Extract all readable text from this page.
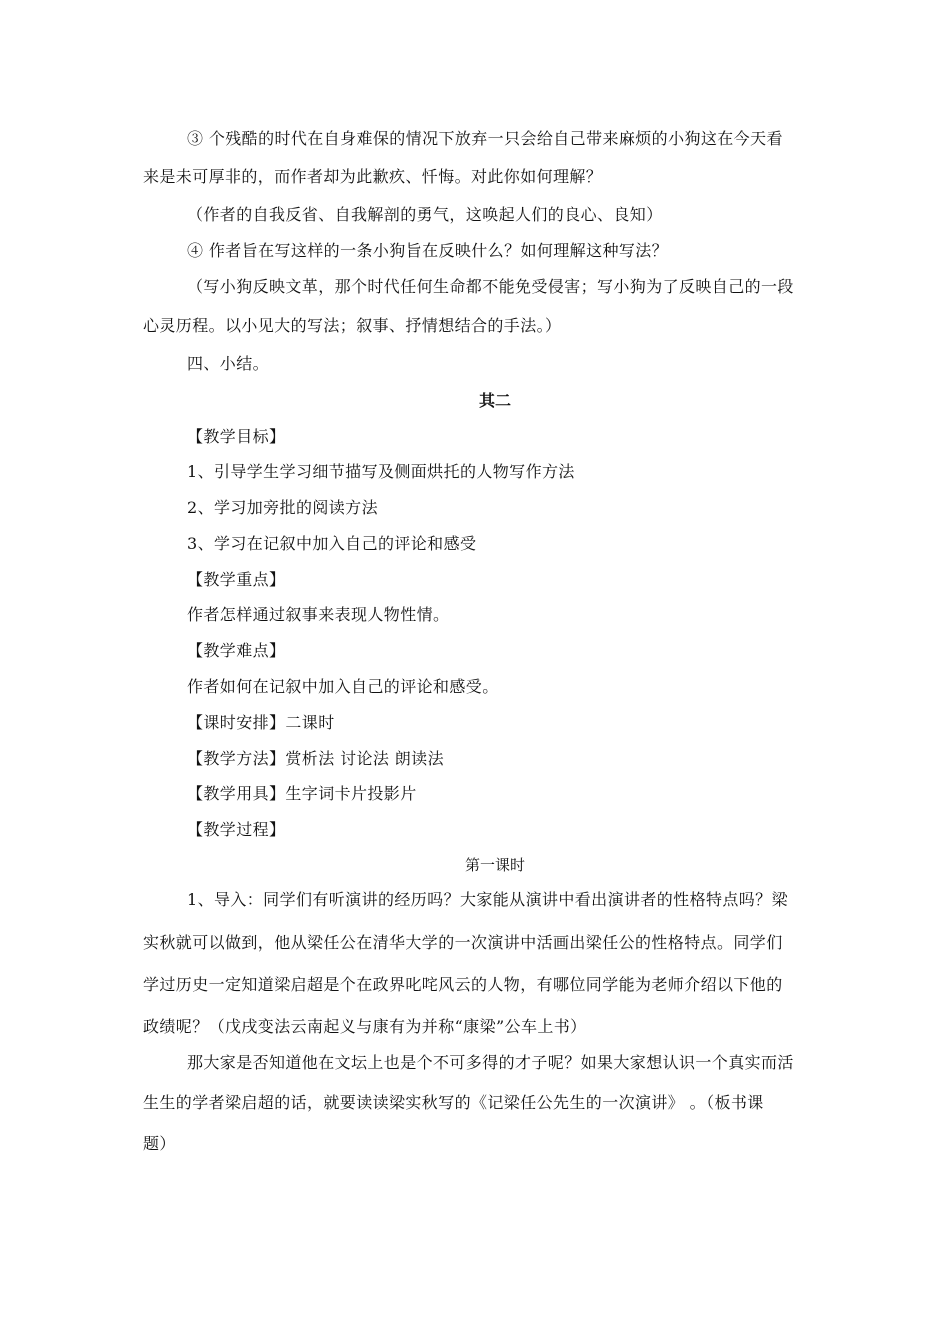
③ 个残酷的时代在自身难保的情况下放弃一只会给自己带来麻烦的小狗这在今天看
来是未可厚非的，而作者却为此歉疚、忏悔。对此你如何理解？
（作者的自我反省、自我解剖的勇气，这唤起人们的良心、良知）
④ 作者旨在写这样的一条小狗旨在反映什么？如何理解这种写法？
（写小狗反映文革，那个时代任何生命都不能免受侵害；写小狗为了反映自己的一段
心灵历程。以小见大的写法；叙事、抒情想结合的手法。）
四、小结。
其二
【教学目标】
1、引导学生学习细节描写及侧面烘托的人物写作方法
2、学习加旁批的阅读方法
3、学习在记叙中加入自己的评论和感受
【教学重点】
作者怎样通过叙事来表现人物性情。
【教学难点】
作者如何在记叙中加入自己的评论和感受。
【课时安排】二课时
【教学方法】赏析法 讨论法 朗读法
【教学用具】生字词卡片投影片
【教学过程】
第一课时
1、导入：同学们有听演讲的经历吗？大家能从演讲中看出演讲者的性格特点吗？梁
实秋就可以做到，他从梁任公在清华大学的一次演讲中活画出梁任公的性格特点。同学们
学过历史一定知道梁启超是个在政界叱咤风云的人物，有哪位同学能为老师介绍以下他的
政绩呢？（戊戌变法云南起义与康有为并称“康梁”公车上书）
那大家是否知道他在文坛上也是个不可多得的才子呢？如果大家想认识一个真实而活
生生的学者梁启超的话，就要读读梁实秋写的《记梁任公先生的一次演讲》 。（板书课
题）
